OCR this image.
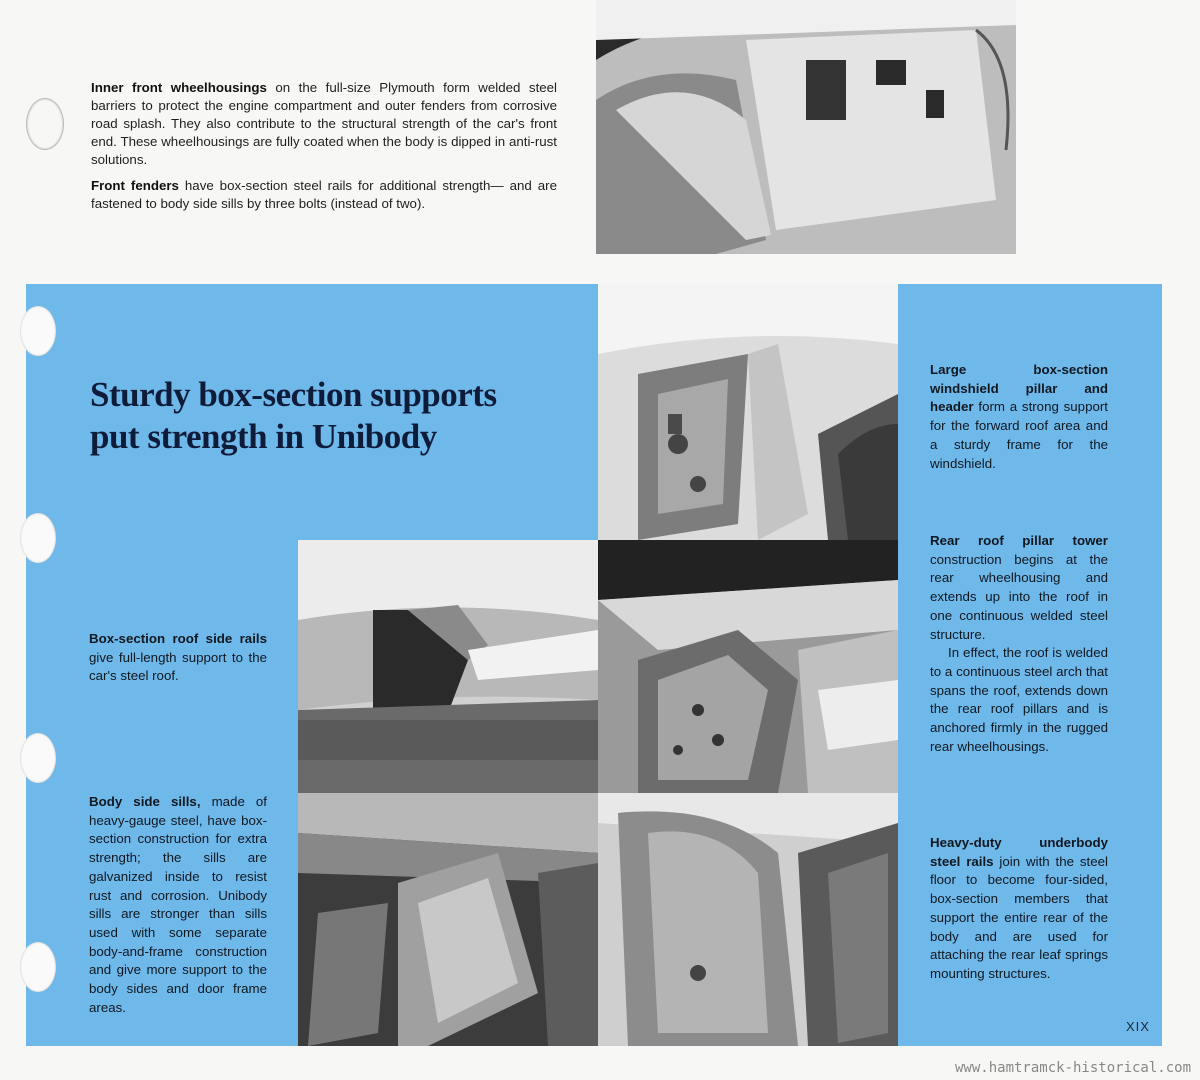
Inner front wheelhousings on the full-size Plymouth form welded steel barriers to protect the engine compartment and outer fenders from corrosive road splash. They also contribute to the structural strength of the car's front end. These wheelhousings are fully coated when the body is dipped in anti-rust solutions.

Front fenders have box-section steel rails for additional strength— and are fastened to body side sills by three bolts (instead of two).

Sturdy box-section supports
put strength in Unibody
Box-section roof side rails give full-length support to the car's steel roof.
Body side sills, made of heavy-gauge steel, have box-section construction for extra strength; the sills are galvanized inside to resist rust and corrosion. Unibody sills are stronger than sills used with some separate body-and-frame construction and give more support to the body sides and door frame areas.
Large box-section windshield pillar and header form a strong support for the forward roof area and a sturdy frame for the windshield.
Rear roof pillar tower construction begins at the rear wheelhousing and extends up into the roof in one continuous welded steel structure.
In effect, the roof is welded to a continuous steel arch that spans the roof, extends down the rear roof pillars and is anchored firmly in the rugged rear wheelhousings.
Heavy-duty underbody steel rails join with the steel floor to become four-sided, box-section members that support the entire rear of the body and are used for attaching the rear leaf springs mounting structures.
XIX
www.hamtramck-historical.com
